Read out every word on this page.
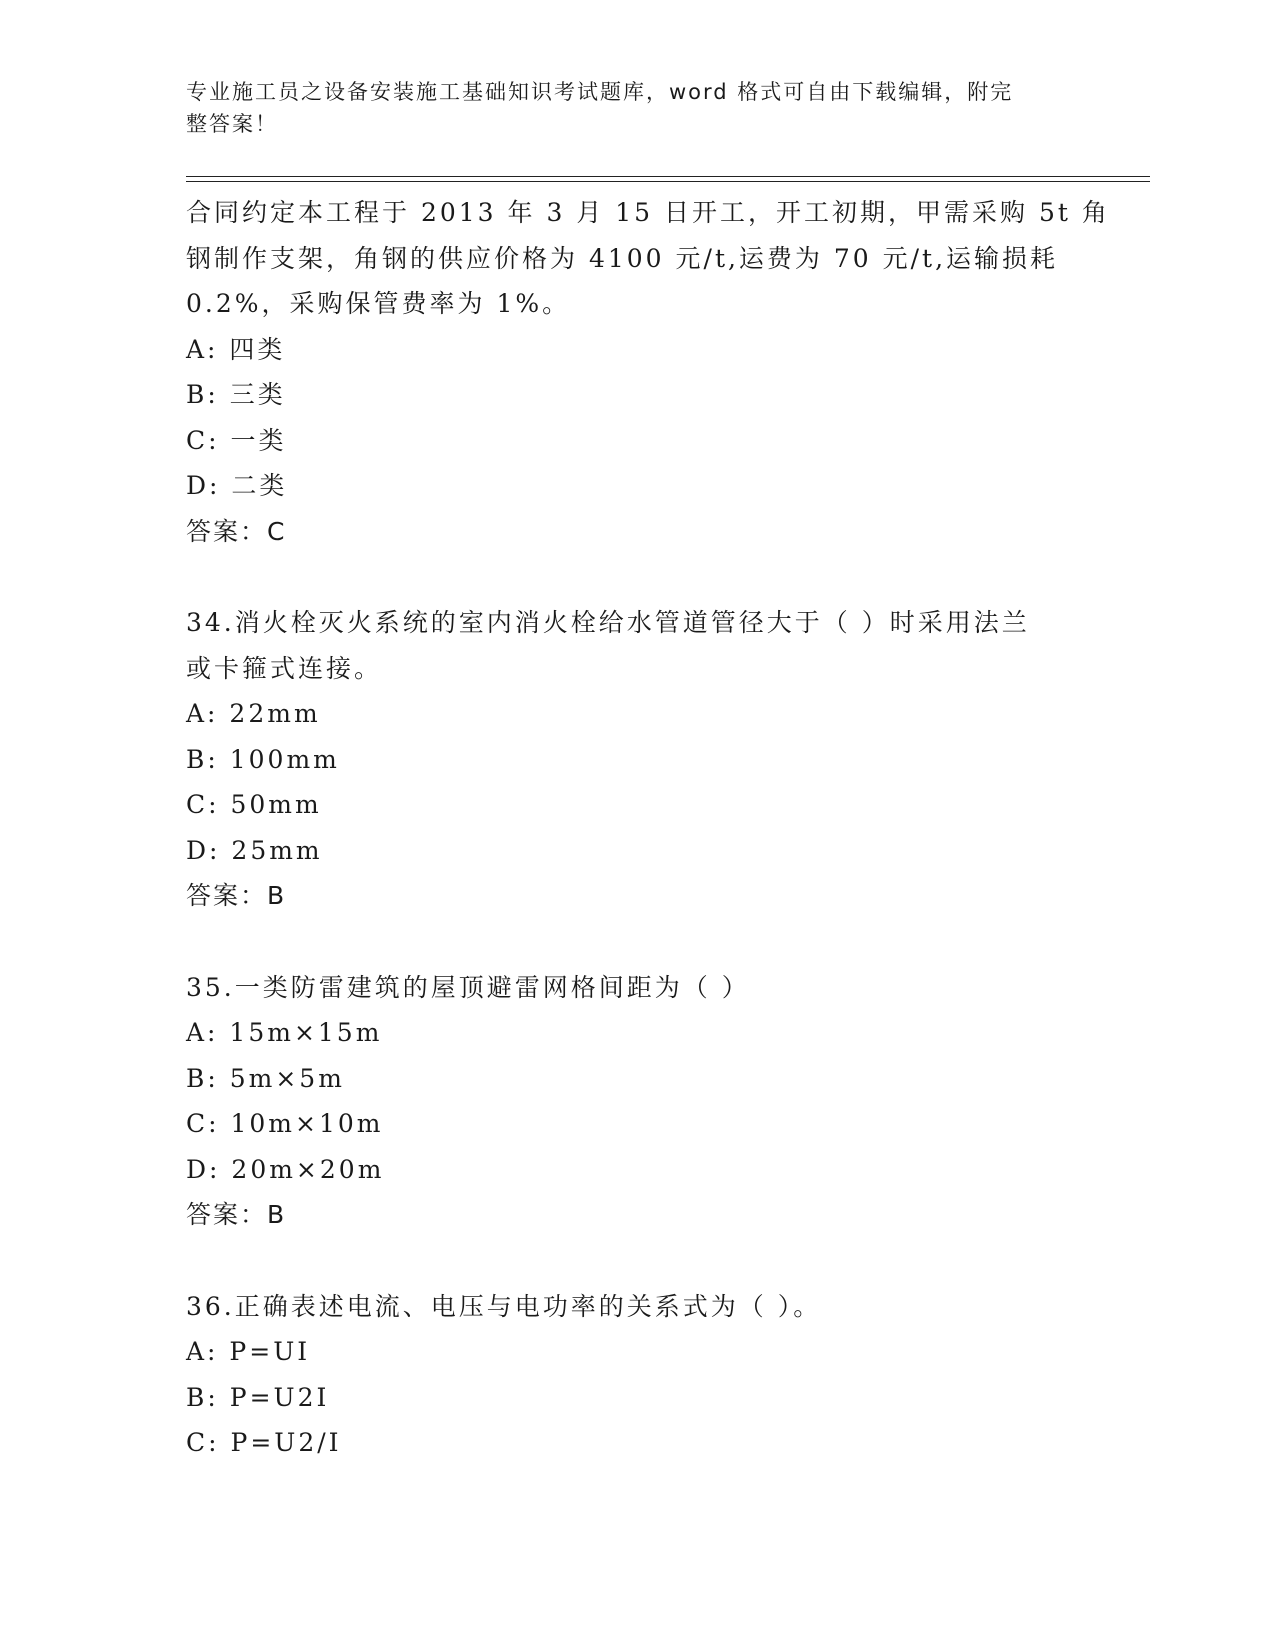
专业施工员之设备安装施工基础知识考试题库，word 格式可自由下载编辑，附完
整答案！
合同约定本工程于 2013 年 3 月 15 日开工，开工初期，甲需采购 5t 角
钢制作支架，角钢的供应价格为 4100 元/t,运费为 70 元/t,运输损耗
0.2%，采购保管费率为 1%。
A: 四类
B: 三类
C: 一类
D: 二类
答案：C
34.消火栓灭火系统的室内消火栓给水管道管径大于（ ）时采用法兰
或卡箍式连接。
A: 22mm
B: 100mm
C: 50mm
D: 25mm
答案：B
35.一类防雷建筑的屋顶避雷网格间距为（ ）
A: 15m×15m
B: 5m×5m
C: 10m×10m
D: 20m×20m
答案：B
36.正确表述电流、电压与电功率的关系式为（ ）。
A: P=UI
B: P=U2I
C: P=U2/I
